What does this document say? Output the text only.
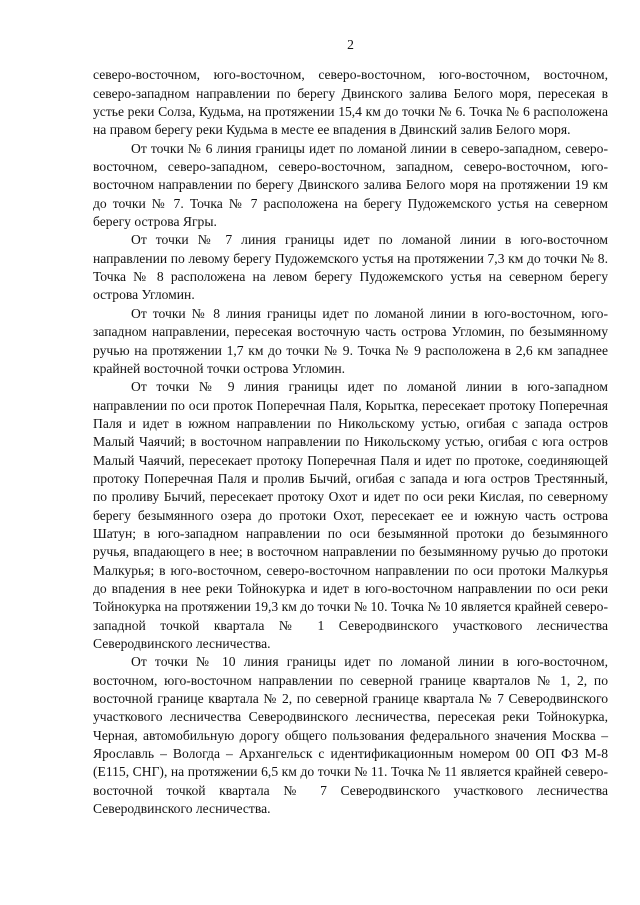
2

северо-восточном, юго-восточном, северо-восточном, юго-восточном, восточном, северо-западном направлении по берегу Двинского залива Белого моря, пересекая в устье реки Солза, Кудьма, на протяжении 15,4 км до точки № 6. Точка № 6 расположена на правом берегу реки Кудьма в месте ее впадения в Двинский залив Белого моря.

От точки № 6 линия границы идет по ломаной линии в северо-западном, северо-восточном, северо-западном, северо-восточном, западном, северо-восточном, юго-восточном направлении по берегу Двинского залива Белого моря на протяжении 19 км до точки № 7. Точка № 7 расположена на берегу Пудожемского устья на северном берегу острова Ягры.

От точки № 7 линия границы идет по ломаной линии в юго-восточном направлении по левому берегу Пудожемского устья на протяжении 7,3 км до точки № 8. Точка № 8 расположена на левом берегу Пудожемского устья на северном берегу острова Угломин.

От точки № 8 линия границы идет по ломаной линии в юго-восточном, юго-западном направлении, пересекая восточную часть острова Угломин, по безымянному ручью на протяжении 1,7 км до точки № 9. Точка № 9 расположена в 2,6 км западнее крайней восточной точки острова Угломин.

От точки № 9 линия границы идет по ломаной линии в юго-западном направлении по оси проток Поперечная Паля, Корытка, пересекает протоку Поперечная Паля и идет в южном направлении по Никольскому устью, огибая с запада остров Малый Чаячий; в восточном направлении по Никольскому устью, огибая с юга остров Малый Чаячий, пересекает протоку Поперечная Паля и идет по протоке, соединяющей протоку Поперечная Паля и пролив Бычий, огибая с запада и юга остров Трестянный, по проливу Бычий, пересекает протоку Охот и идет по оси реки Кислая, по северному берегу безымянного озера до протоки Охот, пересекает ее и южную часть острова Шатун; в юго-западном направлении по оси безымянной протоки до безымянного ручья, впадающего в нее; в восточном направлении по безымянному ручью до протоки Малкурья; в юго-восточном, северо-восточном направлении по оси протоки Малкурья до впадения в нее реки Тойнокурка и идет в юго-восточном направлении по оси реки Тойнокурка на протяжении 19,3 км до точки № 10. Точка № 10 является крайней северо-западной точкой квартала № 1 Северодвинского участкового лесничества Северодвинского лесничества.

От точки № 10 линия границы идет по ломаной линии в юго-восточном, восточном, юго-восточном направлении по северной границе кварталов № 1, 2, по восточной границе квартала № 2, по северной границе квартала № 7 Северодвинского участкового лесничества Северодвинского лесничества, пересекая реки Тойнокурка, Черная, автомобильную дорогу общего пользования федерального значения Москва – Ярославль – Вологда – Архангельск с идентификационным номером 00 ОП ФЗ М-8 (Е115, СНГ), на протяжении 6,5 км до точки № 11. Точка № 11 является крайней северо-восточной точкой квартала № 7 Северодвинского участкового лесничества Северодвинского лесничества.
